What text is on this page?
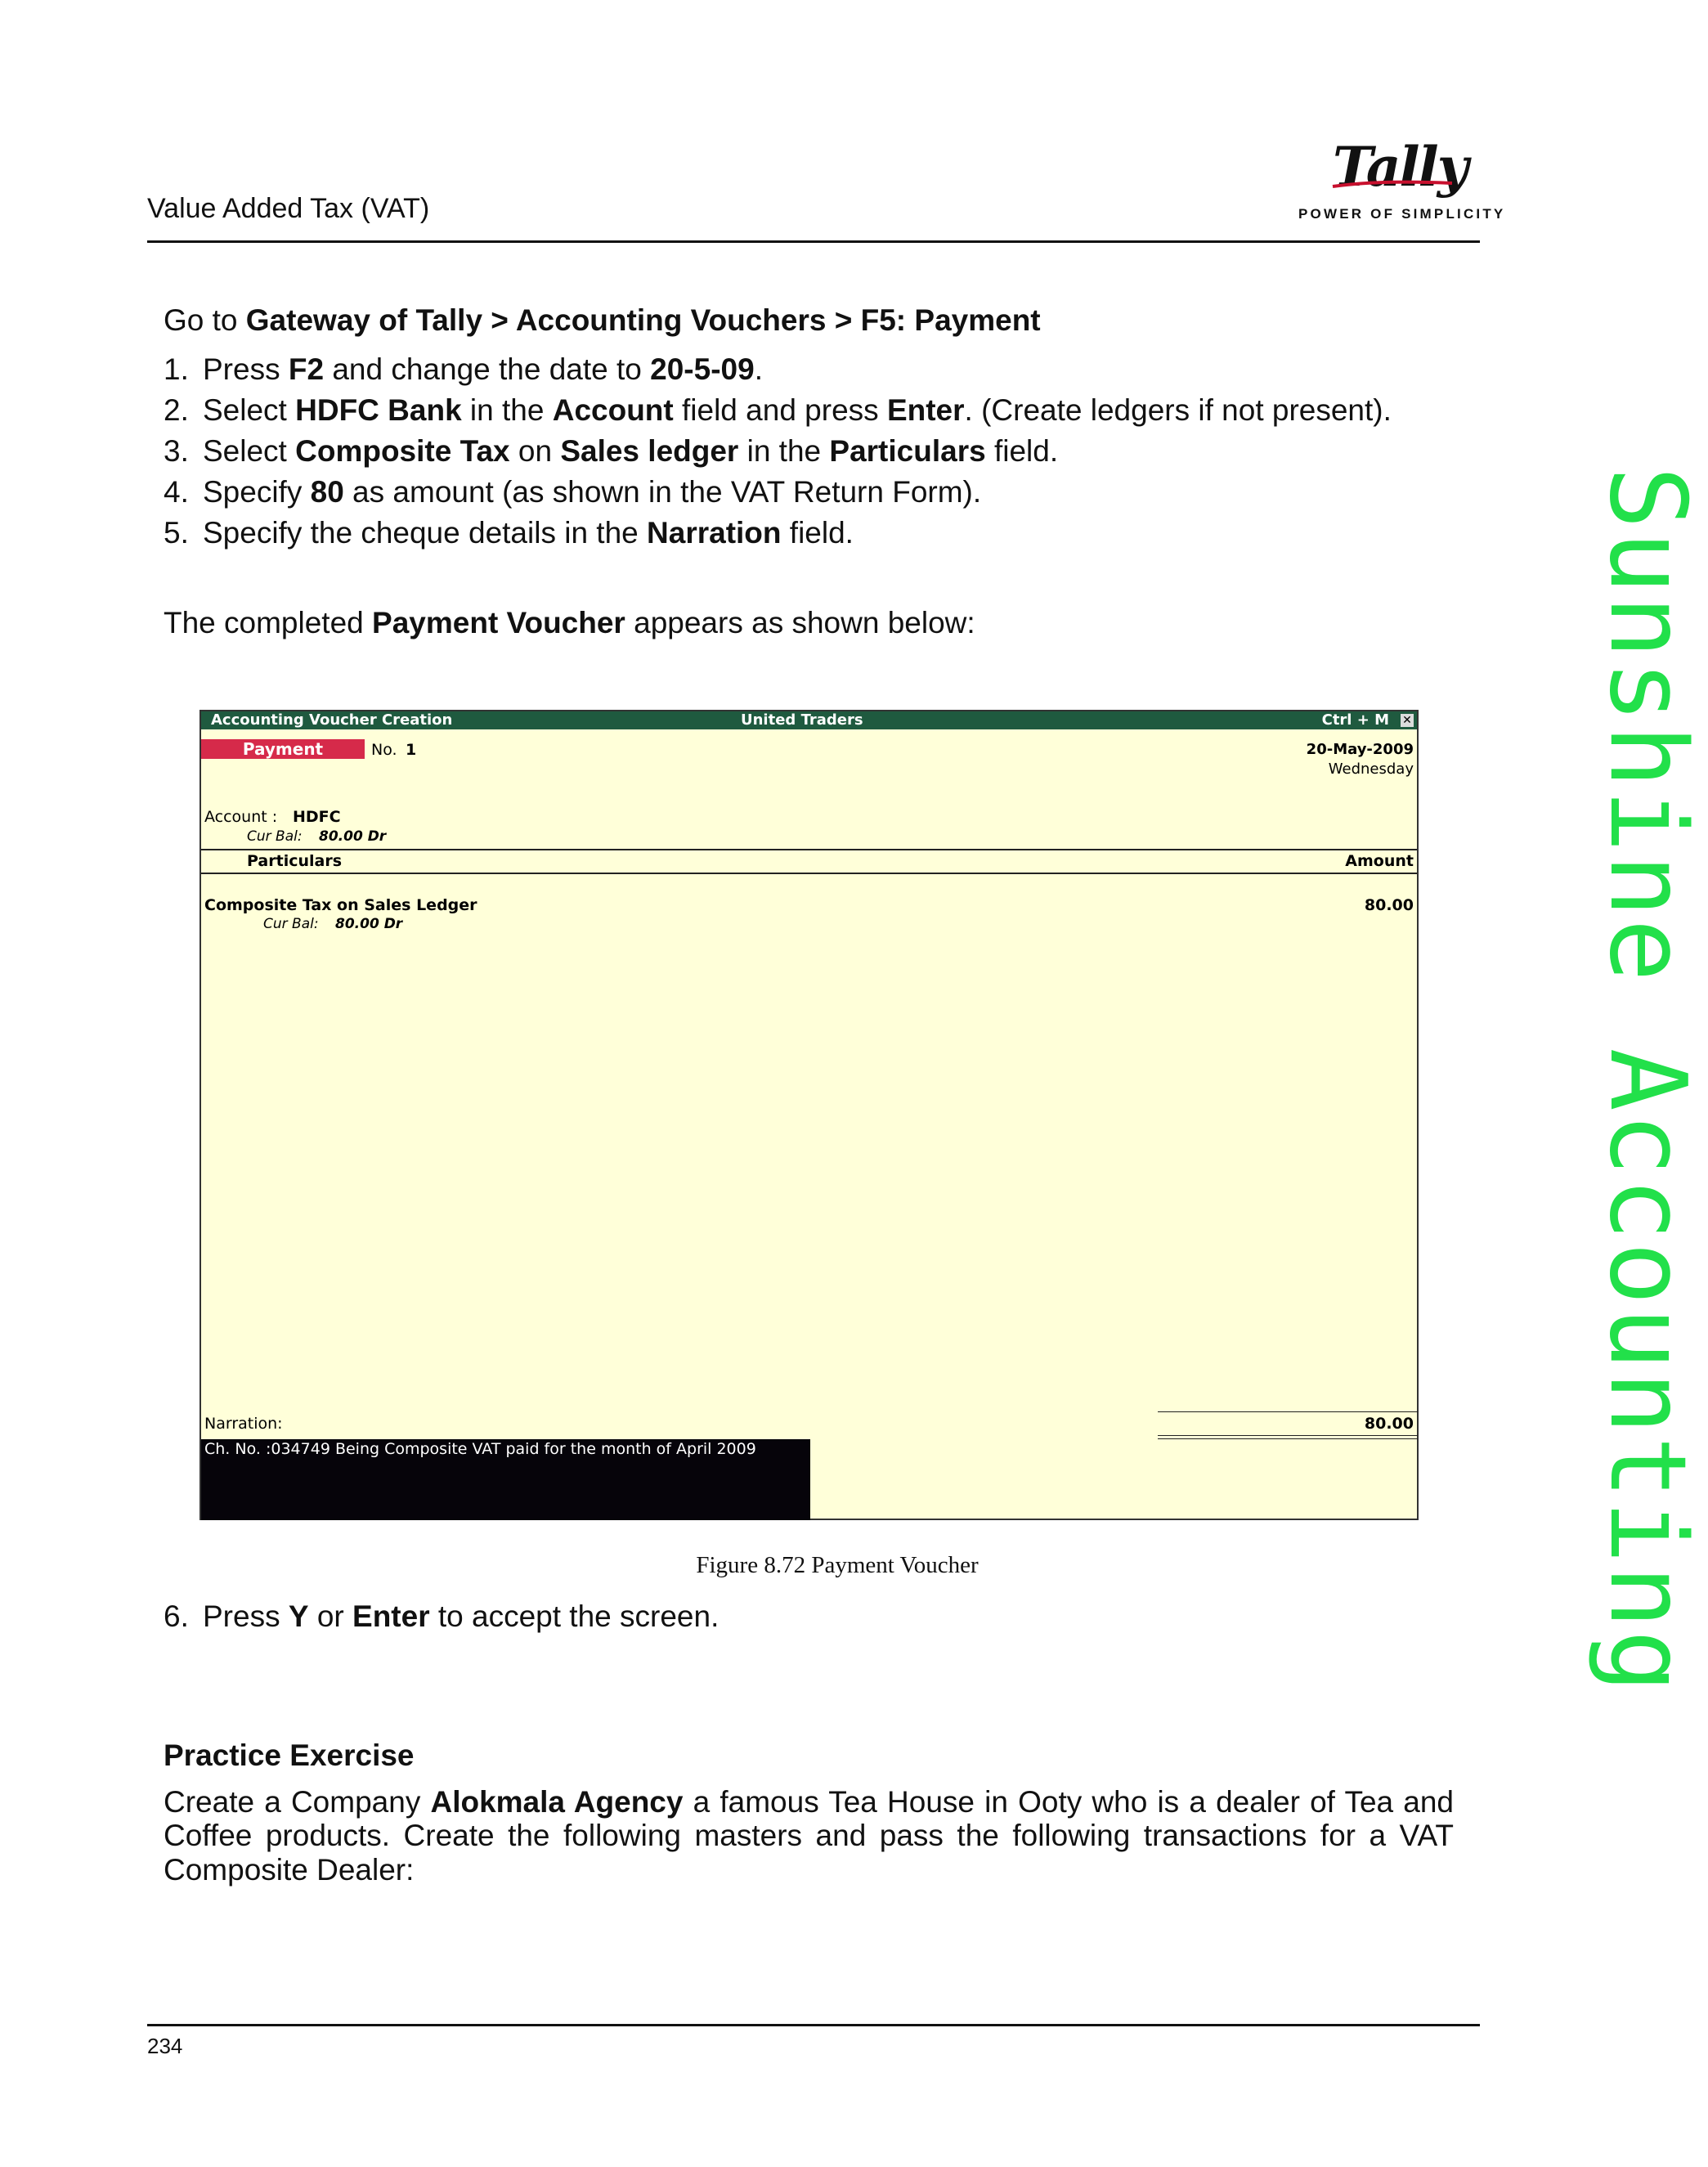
Value Added Tax (VAT)
Tally
POWER OF SIMPLICITY
Sunshine Accounting
Go to Gateway of Tally > Accounting Vouchers > F5: Payment
1. Press F2 and change the date to 20-5-09.
2. Select HDFC Bank in the Account field and press Enter. (Create ledgers if not present).
3. Select Composite Tax on Sales ledger in the Particulars field.
4. Specify 80 as amount (as shown in the VAT Return Form).
5. Specify the cheque details in the Narration field.
The completed Payment Voucher appears as shown below:
Accounting Voucher Creation	United Traders	Ctrl + M ✕
Payment	No. 1	20-May-2009
Wednesday
Account : HDFC
Cur Bal: 80.00 Dr
Particulars	Amount
Composite Tax on Sales Ledger	80.00
Cur Bal: 80.00 Dr
Narration:	80.00
Ch. No. :034749 Being Composite VAT paid for the month of April 2009
Figure 8.72 Payment Voucher
6. Press Y or Enter to accept the screen.
Practice Exercise
Create a Company Alokmala Agency a famous Tea House in Ooty who is a dealer of Tea and Coffee products. Create the following masters and pass the following transactions for a VAT Composite Dealer:
234
